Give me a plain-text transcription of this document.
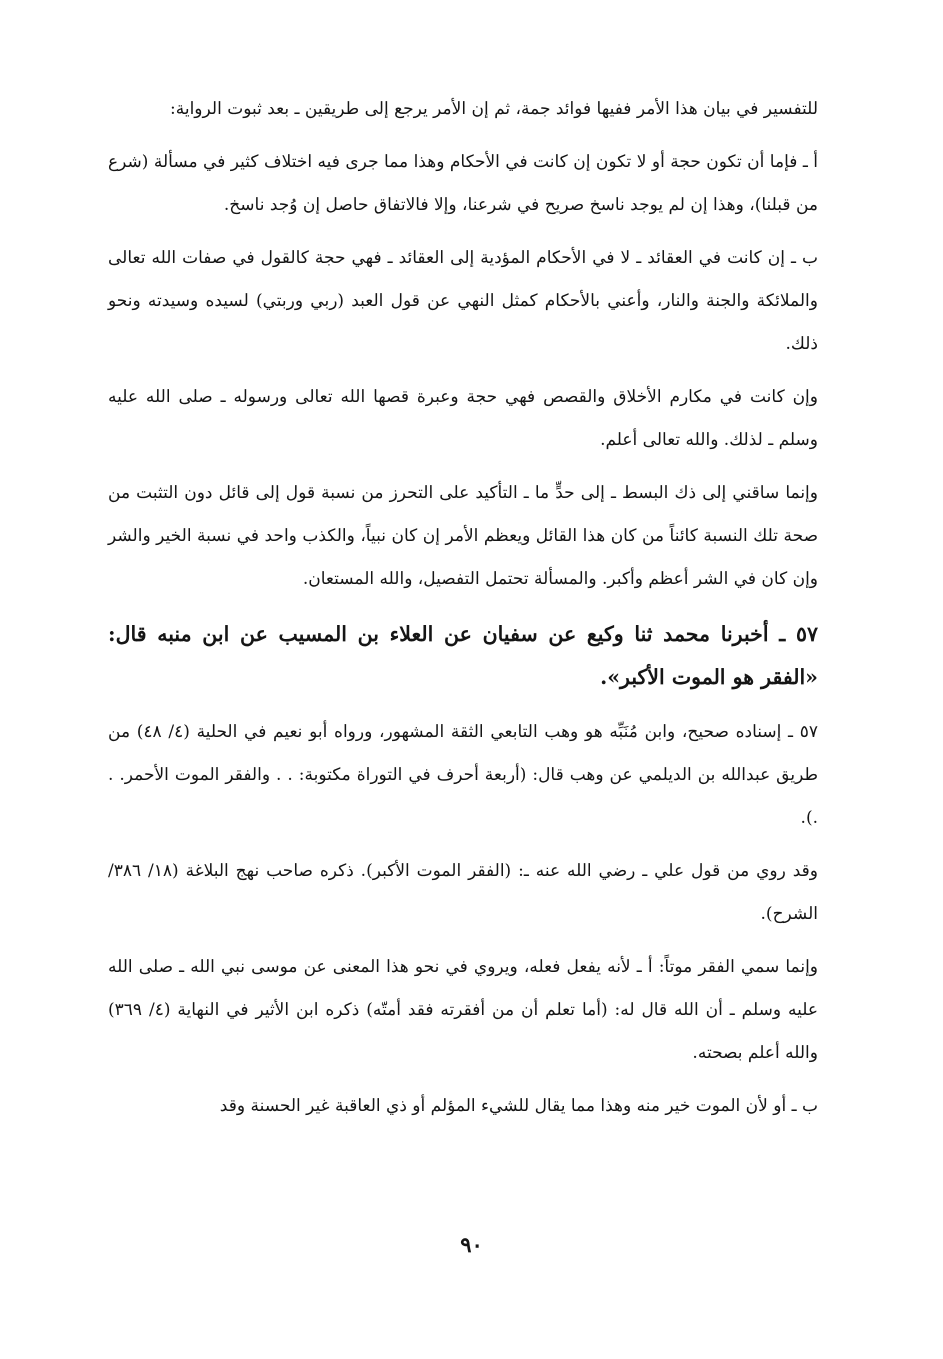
للتفسير في بيان هذا الأمر ففيها فوائد جمة، ثم إن الأمر يرجع إلى طريقين ـ بعد ثبوت الرواية:

أ ـ فإما أن تكون حجة أو لا تكون إن كانت في الأحكام وهذا مما جرى فيه اختلاف كثير في مسألة (شرع من قبلنا)، وهذا إن لم يوجد ناسخ صريح في شرعنا، وإلا فالاتفاق حاصل إن وُجد ناسخ.

ب ـ إن كانت في العقائد ـ لا في الأحكام المؤدية إلى العقائد ـ فهي حجة كالقول في صفات الله تعالى والملائكة والجنة والنار، وأعني بالأحكام كمثل النهي عن قول العبد (ربي وربتي) لسيده وسيدته ونحو ذلك.

وإن كانت في مكارم الأخلاق والقصص فهي حجة وعبرة قصها الله تعالى ورسوله ـ صلى الله عليه وسلم ـ لذلك. والله تعالى أعلم.

وإنما ساقني إلى ذك البسط ـ إلى حدٍّ ما ـ التأكيد على التحرز من نسبة قول إلى قائل دون التثبت من صحة تلك النسبة كائناً من كان هذا القائل ويعظم الأمر إن كان نبياً، والكذب واحد في نسبة الخير والشر وإن كان في الشر أعظم وأكبر. والمسألة تحتمل التفصيل، والله المستعان.

٥٧ ـ أخبرنا محمد ثنا وكيع عن سفيان عن العلاء بن المسيب عن ابن منبه قال: «الفقر هو الموت الأكبر».

٥٧ ـ إسناده صحيح، وابن مُنَبِّه هو وهب التابعي الثقة المشهور، ورواه أبو نعيم في الحلية (٤/ ٤٨) من طريق عبدالله بن الديلمي عن وهب قال: (أربعة أحرف في التوراة مكتوبة: . . والفقر الموت الأحمر. . .).

وقد روي من قول علي ـ رضي الله عنه ـ: (الفقر الموت الأكبر). ذكره صاحب نهج البلاغة (١٨/ ٣٨٦/ الشرح).

وإنما سمي الفقر موتاً: أ ـ لأنه يفعل فعله، ويروي في نحو هذا المعنى عن موسى نبي الله ـ صلى الله عليه وسلم ـ أن الله قال له: (أما تعلم أن من أفقرته فقد أمتّه) ذكره ابن الأثير في النهاية (٤/ ٣٦٩) والله أعلم بصحته.

ب ـ أو لأن الموت خير منه وهذا مما يقال للشيء المؤلم أو ذي العاقبة غير الحسنة وقد

٩٠
